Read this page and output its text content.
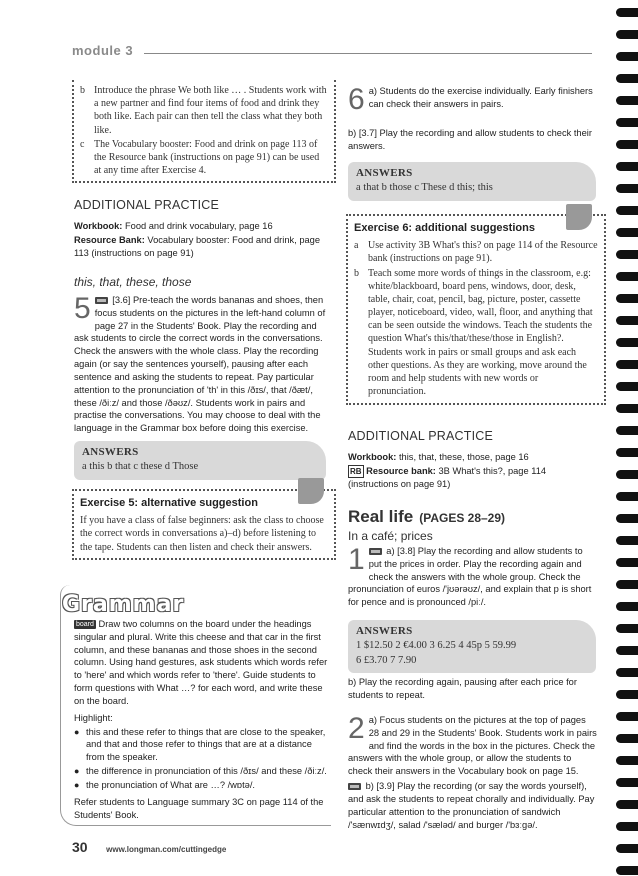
module 3
b Introduce the phrase We both like … . Students work with a new partner and find four items of food and drink they both like. Each pair can then tell the class what they both like.
c The Vocabulary booster: Food and drink on page 113 of the Resource bank (instructions on page 91) can be used at any time after Exercise 4.
ADDITIONAL PRACTICE

Workbook: Food and drink vocabulary, page 16

Resource Bank: Vocabulary booster: Food and drink, page 113 (instructions on page 91)

this, that, these, those
5 [3.6] Pre-teach the words bananas and shoes, then focus students on the pictures in the left-hand column of page 27 in the Students' Book. Play the recording and ask students to circle the correct words in the conversations. Check the answers with the whole class. Play the recording again (or say the sentences yourself), pausing after each sentence and asking the students to repeat. Pay particular attention to the pronunciation of 'th' in this /ðɪs/, that /ðæt/, these /ðiːz/ and those /ðəʊz/. Students work in pairs and practise the conversations. You may choose to deal with the language in the Grammar box before doing this exercise.
ANSWERS
a this b that c these d Those
Exercise 5: alternative suggestion
If you have a class of false beginners: ask the class to choose the correct words in conversations a)–d) before listening to the tape. Students can then listen and check their answers.
Grammar

board Draw two columns on the board under the headings singular and plural. Write this cheese and that car in the first column, and these bananas and those shoes in the second column. Using hand gestures, ask students which words refer to 'here' and which words refer to 'there'. Guide students to form questions with What …? for each word, and write these on the board.

Highlight:

● this and these refer to things that are close to the speaker, and that and those refer to things that are at a distance from the speaker.
● the difference in pronunciation of this /ðɪs/ and these /ðiːz/.
● the pronunciation of What are …? /wɒtə/.

Refer students to Language summary 3C on page 114 of the Students' Book.

6 a) Students do the exercise individually. Early finishers can check their answers in pairs.
b) [3.7] Play the recording and allow students to check their answers.
ANSWERS
a that b those c These d this; this
Exercise 6: additional suggestions
a Use activity 3B What's this? on page 114 of the Resource bank (instructions on page 91).
b Teach some more words of things in the classroom, e.g: white/blackboard, board pens, windows, door, desk, table, chair, coat, pencil, bag, picture, poster, cassette player, noticeboard, video, wall, floor, and anything that can be seen outside the windows. Teach the students the question What's this/that/these/those in English?. Students work in pairs or small groups and ask each other questions. As they are working, move around the room and help students with new words or pronunciation.
ADDITIONAL PRACTICE

Workbook: this, that, these, those, page 16

RB Resource bank: 3B What's this?, page 114 (instructions on page 91)

Real life (PAGES 28–29)
In a café; prices
1 a) [3.8] Play the recording and allow students to put the prices in order. Play the recording again and check the answers with the whole group. Check the pronunciation of euros /'jʊərəʊz/, and explain that p is short for pence and is pronounced /piː/.
ANSWERS
1 $12.50 2 €4.00 3 6.25 4 45p 5 59.99
6 £3.70 7 7.90
b) Play the recording again, pausing after each price for students to repeat.
2 a) Focus students on the pictures at the top of pages 28 and 29 in the Students' Book. Students work in pairs and find the words in the box in the pictures. Check the answers with the whole group, or allow the students to check their answers in the Vocabulary book on page 15.

b) [3.9] Play the recording (or say the words yourself), and ask the students to repeat chorally and individually. Pay particular attention to the pronunciation of sandwich /'sænwɪdʒ/, salad /'sæləd/ and burger /'bɜːgə/.

30 www.longman.com/cuttingedge
